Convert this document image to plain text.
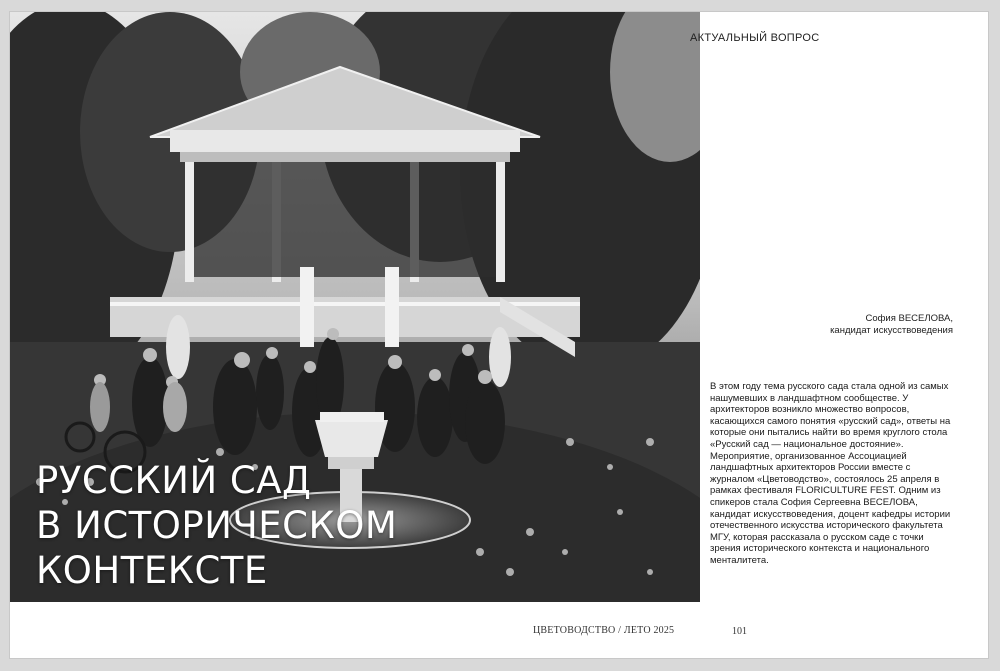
РУССКИЙ САД
В ИСТОРИЧЕСКОМ
КОНТЕКСТЕ
АКТУАЛЬНЫЙ ВОПРОС
София ВЕСЕЛОВА,
кандидат искусствоведения

В этом году тема русского сада стала одной из самых нашумевших в ландшафтном сообществе. У архитекторов возникло множество вопросов, касающихся самого понятия «русский сад», ответы на которые они пытались найти во время круглого стола «Русский сад — национальное достояние». Мероприятие, организованное Ассоциацией ландшафтных архитекторов России вместе с журналом «Цветоводство», состоялось 25 апреля в рамках фестиваля FLORICULTURE FEST. Одним из спикеров стала София Сергеевна ВЕСЕЛОВА, кандидат искусствоведения, доцент кафедры истории отечественного искусства исторического факультета МГУ, которая рассказала о русском саде с точки зрения исторического контекста и национального менталитета.

ЦВЕТОВОДСТВО / ЛЕТО 2025	101
